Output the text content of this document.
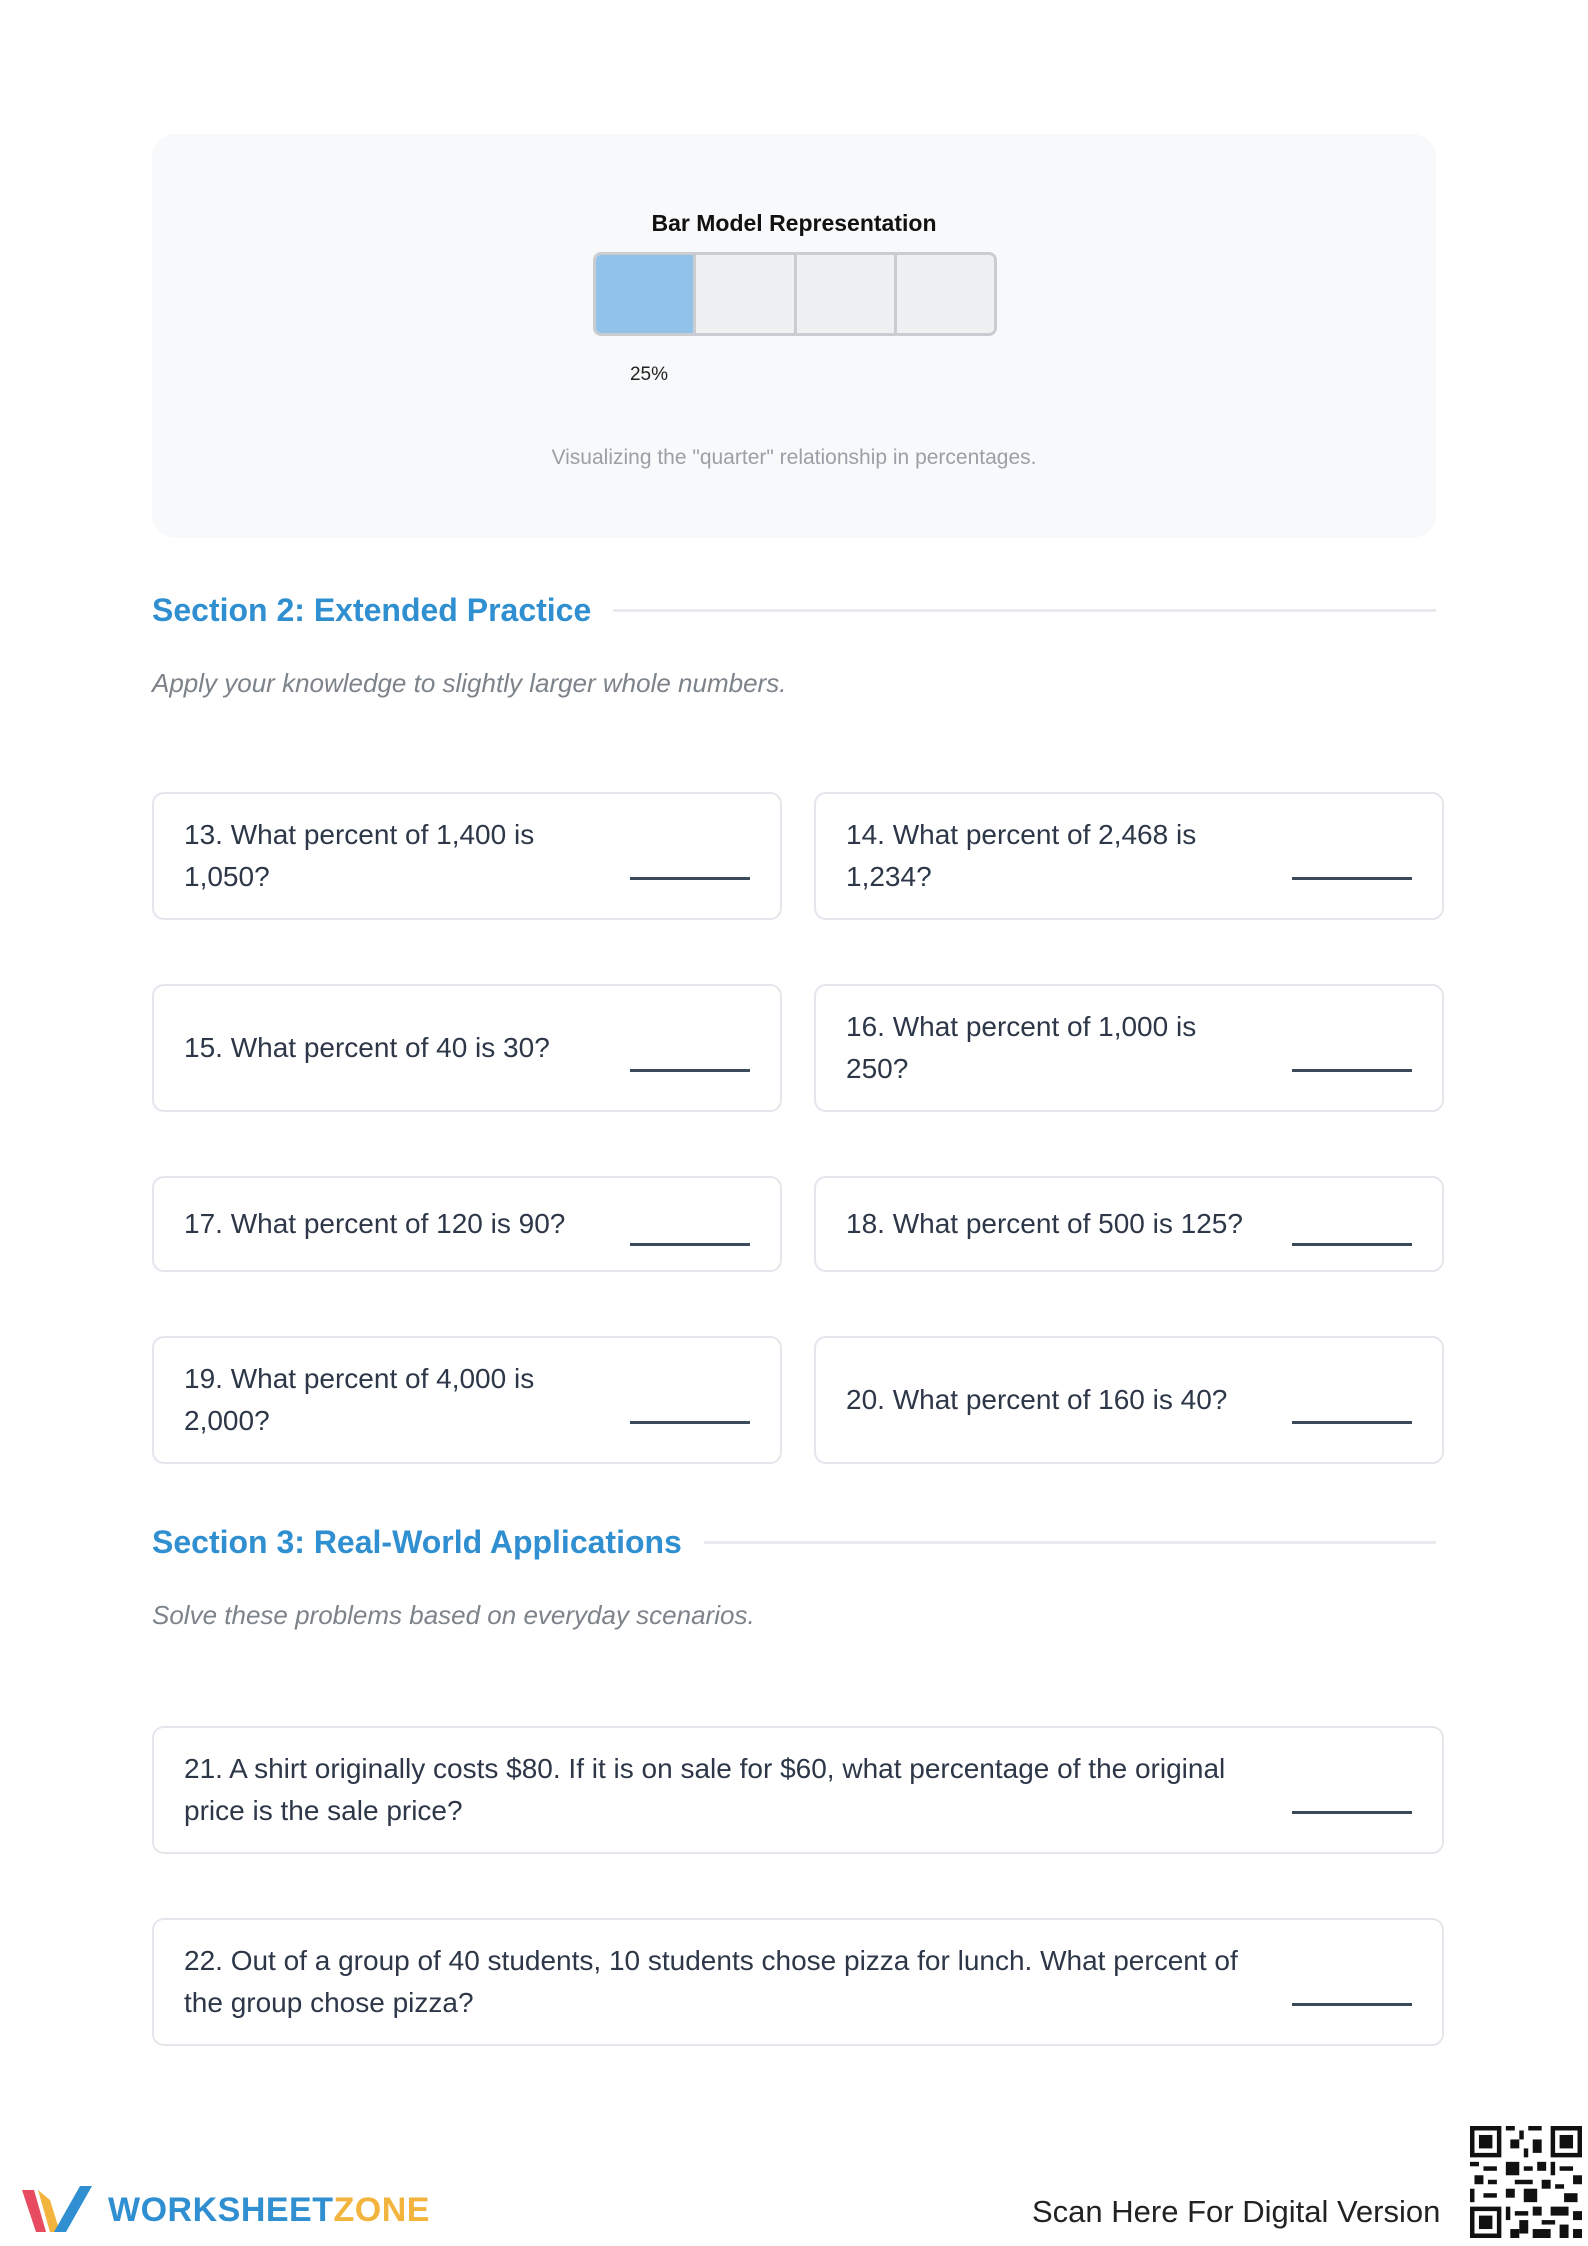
Bar Model Representation
25%
Visualizing the "quarter" relationship in percentages.
Section 2: Extended Practice
Apply your knowledge to slightly larger whole numbers.
13. What percent of 1,400 is 1,050?
14. What percent of 2,468 is 1,234?
15. What percent of 40 is 30?
16. What percent of 1,000 is 250?
17. What percent of 120 is 90?	18. What percent of 500 is 125?
19. What percent of 4,000 is 2,000?
20. What percent of 160 is 40?
Section 3: Real-World Applications
Solve these problems based on everyday scenarios.
21. A shirt originally costs $80. If it is on sale for $60, what percentage of the original price is the sale price?
22. Out of a group of 40 students, 10 students chose pizza for lunch. What percent of the group chose pizza?
WORKSHEETZONE	Scan Here For Digital Version
